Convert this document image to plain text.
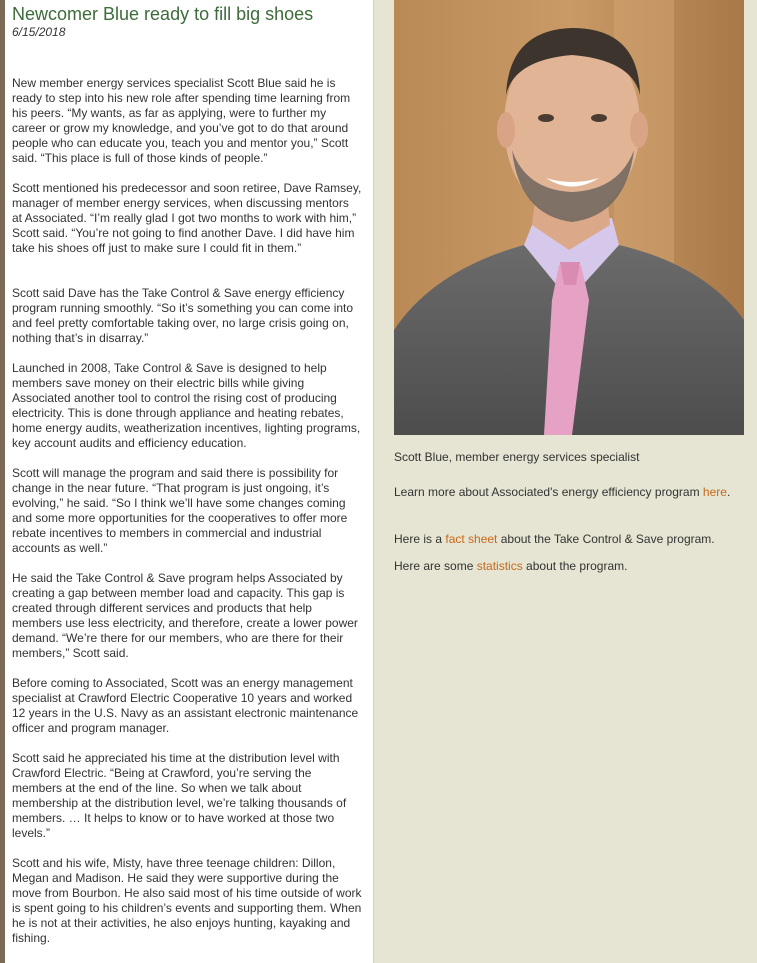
Newcomer Blue ready to fill big shoes

6/15/2018

New member energy services specialist Scott Blue said he is ready to step into his new role after spending time learning from his peers. “My wants, as far as applying, were to further my career or grow my knowledge, and you’ve got to do that around people who can educate you, teach you and mentor you,” Scott said. “This place is full of those kinds of people.”

Scott mentioned his predecessor and soon retiree, Dave Ramsey, manager of member energy services, when discussing mentors at Associated. “I’m really glad I got two months to work with him,” Scott said. “You’re not going to find another Dave. I did have him take his shoes off just to make sure I could fit in them.”

Scott said Dave has the Take Control & Save energy efficiency program running smoothly. “So it’s something you can come into and feel pretty comfortable taking over, no large crisis going on, nothing that’s in disarray.”

Launched in 2008, Take Control & Save is designed to help members save money on their electric bills while giving Associated another tool to control the rising cost of producing electricity. This is done through appliance and heating rebates, home energy audits, weatherization incentives, lighting programs, key account audits and efficiency education.

Scott will manage the program and said there is possibility for change in the near future. “That program is just ongoing, it’s evolving,” he said. “So I think we’ll have some changes coming and some more opportunities for the cooperatives to offer more rebate incentives to members in commercial and industrial accounts as well.”

He said the Take Control & Save program helps Associated by creating a gap between member load and capacity. This gap is created through different services and products that help members use less electricity, and therefore, create a lower power demand. “We’re there for our members, who are there for their members,” Scott said.

Before coming to Associated, Scott was an energy management specialist at Crawford Electric Cooperative 10 years and worked 12 years in the U.S. Navy as an assistant electronic maintenance officer and program manager.

Scott said he appreciated his time at the distribution level with Crawford Electric. “Being at Crawford, you’re serving the members at the end of the line. So when we talk about membership at the distribution level, we’re talking thousands of members. … It helps to know or to have worked at those two levels.”

Scott and his wife, Misty, have three teenage children: Dillon, Megan and Madison. He said they were supportive during the move from Bourbon. He also said most of his time outside of work is spent going to his children’s events and supporting them. When he is not at their activities, he also enjoys hunting, kayaking and fishing.

Scott Blue, member energy services specialist

Learn more about Associated's energy efficiency program here.

Here is a fact sheet about the Take Control & Save program.

Here are some statistics about the program.
